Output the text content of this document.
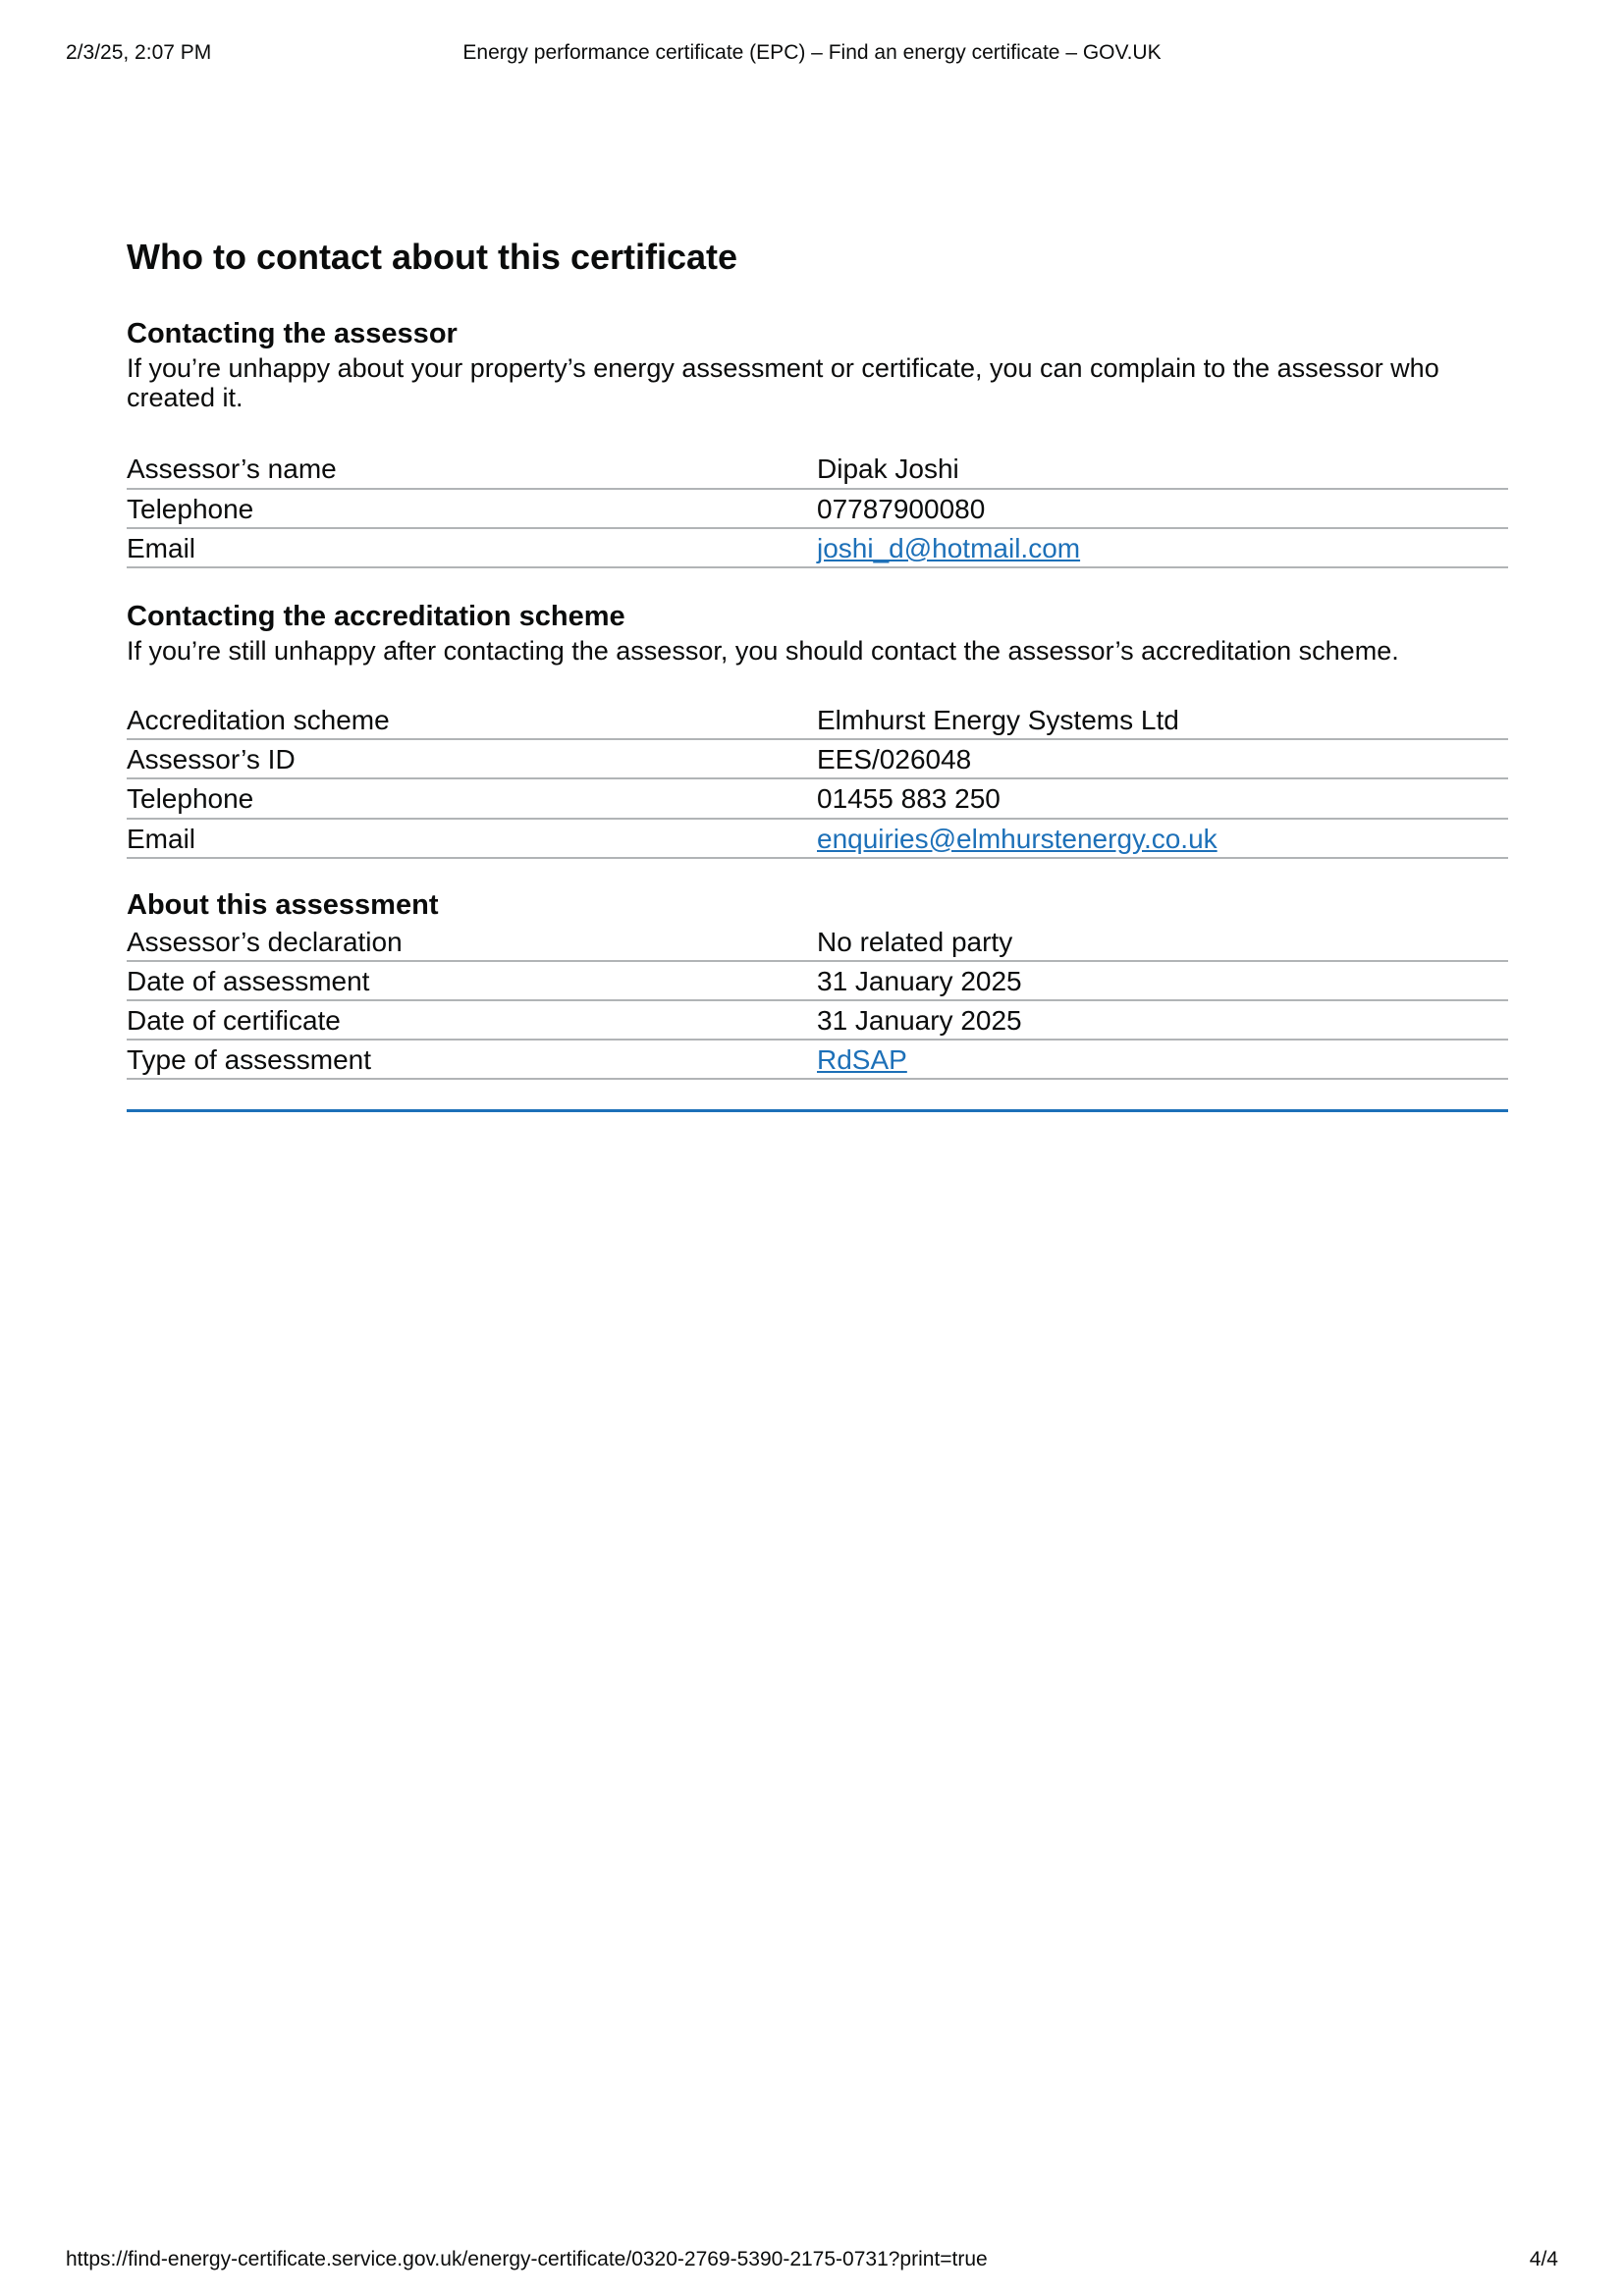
2/3/25, 2:07 PM	Energy performance certificate (EPC) – Find an energy certificate – GOV.UK
Who to contact about this certificate
Contacting the assessor

If you’re unhappy about your property’s energy assessment or certificate, you can complain to the assessor who created it.

Assessor’s name	Dipak Joshi
Telephone	07787900080
Email	joshi_d@hotmail.com
Contacting the accreditation scheme

If you’re still unhappy after contacting the assessor, you should contact the assessor’s accreditation scheme.

Accreditation scheme	Elmhurst Energy Systems Ltd
Assessor’s ID	EES/026048
Telephone	01455 883 250
Email	enquiries@elmhurstenergy.co.uk
About this assessment
Assessor’s declaration	No related party
Date of assessment	31 January 2025
Date of certificate	31 January 2025
Type of assessment	RdSAP
https://find-energy-certificate.service.gov.uk/energy-certificate/0320-2769-5390-2175-0731?print=true	4/4
